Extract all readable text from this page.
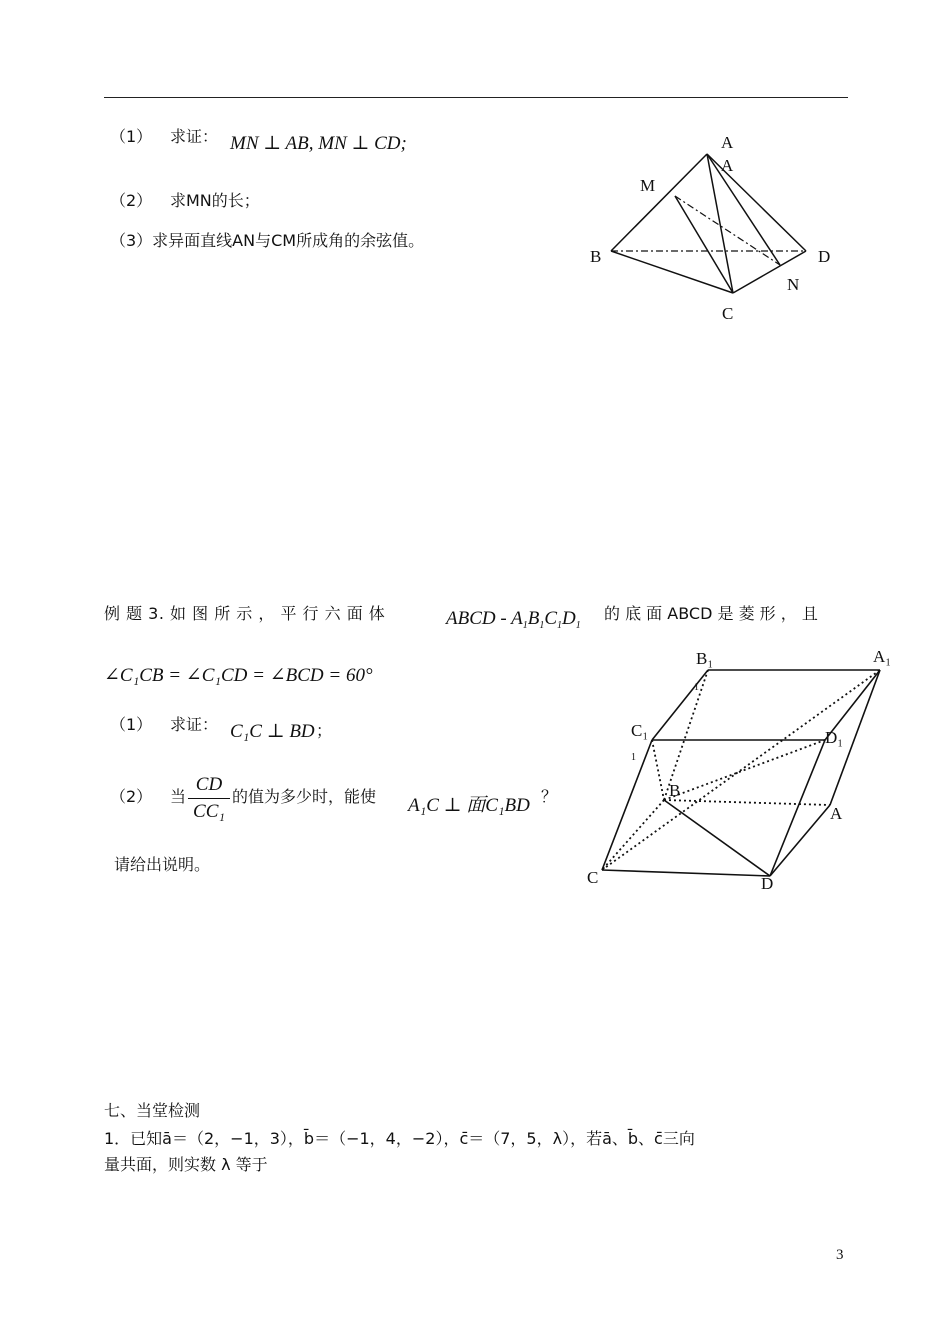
（1） 求证： MN ⊥ AB, MN ⊥ CD;
（2） 求MN的长；
（3）求异面直线AN与CM所成角的余弦值。
A
A
M
B	D
N
C
例 题 3. 如 图 所 示 ， 平 行 六 面 体	ABCD - $A_1B_1C_1D_1$
的 底 面 ABCD 是 菱 形 ， 且
∠C₁CB = ∠C₁CD = ∠BCD = 60°
（1） 求证： C₁C ⊥ BD ；
（2） 当
CD
CC₁
的值为多少时，能使 A₁C ⊥ 面C₁BD ？
请给出说明。
B₁	A₁
C₁	D₁
B
A
C	D
1
1
七、当堂检测
1．已知ā＝（2，−1，3），b̄＝（−1，4，−2），c̄＝（7，5，λ），若ā、b̄、c̄三向
量共面，则实数 λ 等于
3
